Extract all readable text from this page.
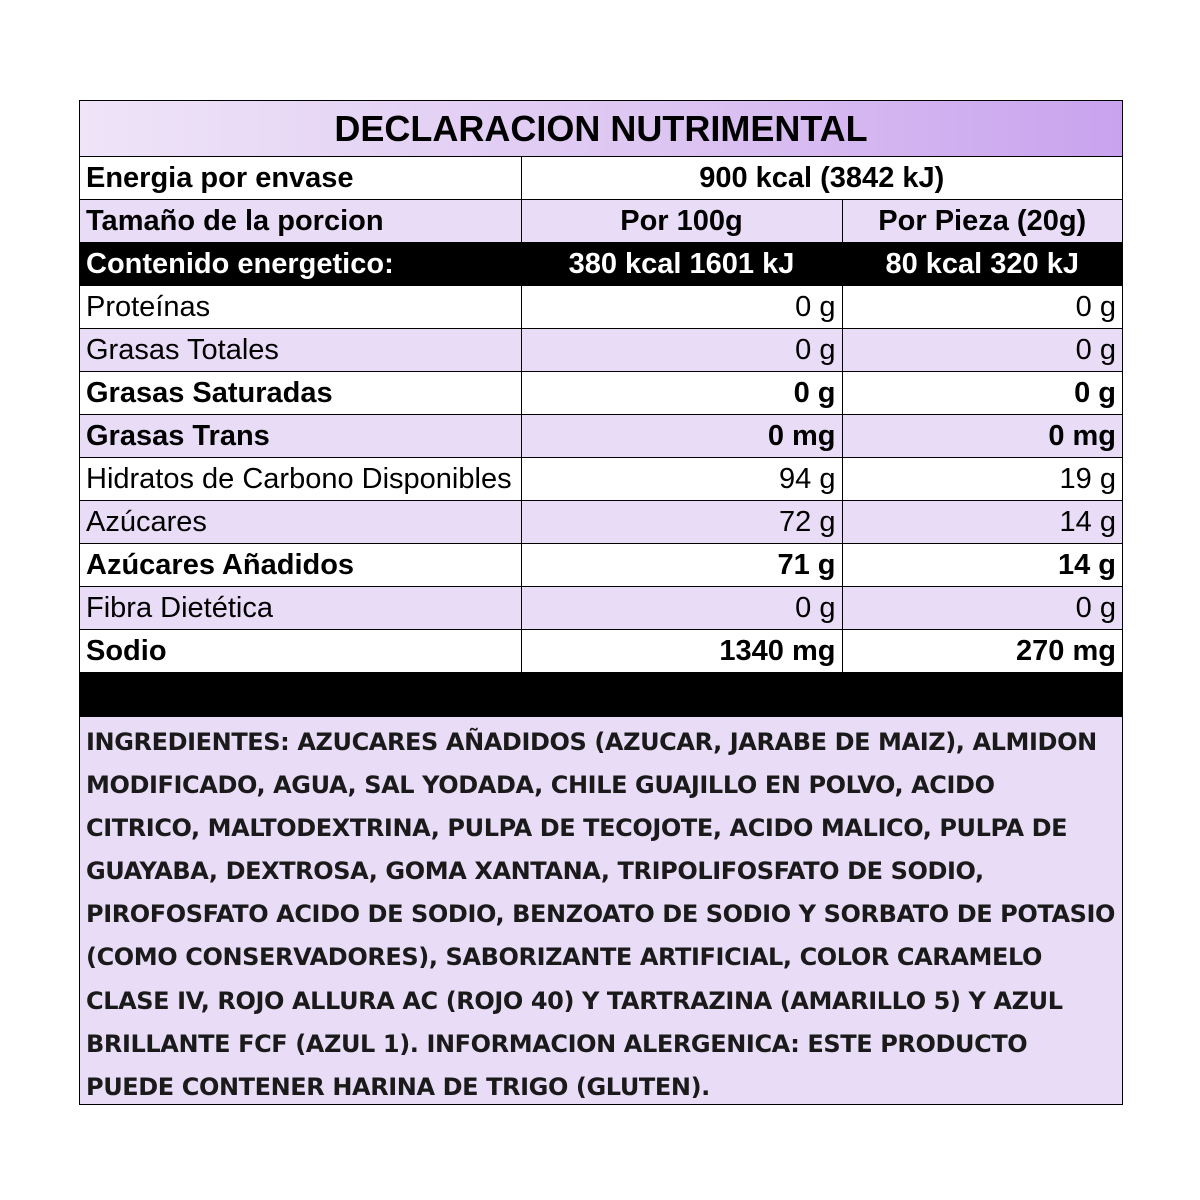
DECLARACION NUTRIMENTAL		
Energia por envase	900 kcal (3842 kJ)	
Tamaño de la porcion	Por 100g	Por Pieza (20g)
Contenido energetico:	380 kcal 1601 kJ	80 kcal 320 kJ
Proteínas	0 g	0 g
Grasas Totales	0 g	0 g
Grasas Saturadas	0 g	0 g
Grasas Trans	0 mg	0 mg
Hidratos de Carbono Disponibles	94 g	19 g
Azúcares	72 g	14 g
Azúcares Añadidos	71 g	14 g
Fibra Dietética	0 g	0 g
Sodio	1340 mg	270 mg
INGREDIENTES: AZUCARES AÑADIDOS (AZUCAR, JARABE DE MAIZ), ALMIDON MODIFICADO, AGUA, SAL YODADA, CHILE GUAJILLO EN POLVO, ACIDO CITRICO, MALTODEXTRINA, PULPA DE TECOJOTE, ACIDO MALICO, PULPA DE GUAYABA, DEXTROSA, GOMA XANTANA, TRIPOLIFOSFATO DE SODIO, PIROFOSFATO ACIDO DE SODIO, BENZOATO DE SODIO Y SORBATO DE POTASIO (COMO CONSERVADORES), SABORIZANTE ARTIFICIAL, COLOR CARAMELO CLASE IV, ROJO ALLURA AC (ROJO 40) Y TARTRAZINA (AMARILLO 5) Y AZUL BRILLANTE FCF (AZUL 1). INFORMACION ALERGENICA: ESTE PRODUCTO PUEDE CONTENER HARINA DE TRIGO (GLUTEN).
